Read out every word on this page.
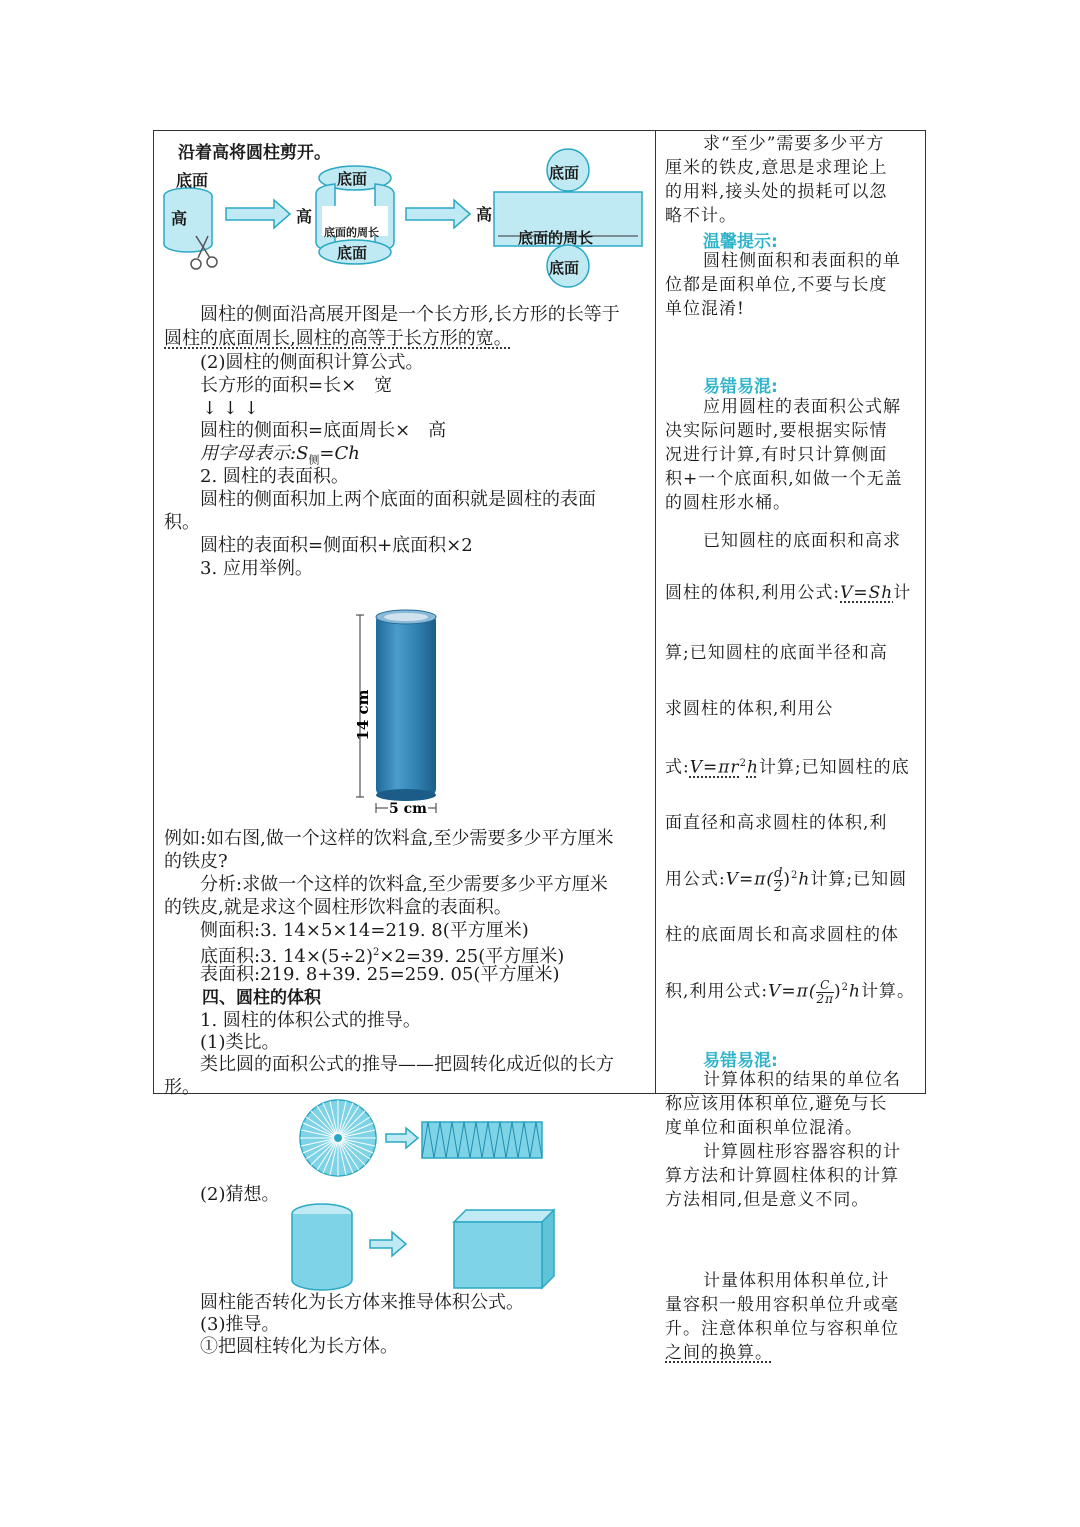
沿着高将圆柱剪开。
底面
高
底面
高
底面的周长
底面
高
底面
底面的周长
底面
圆柱的侧面沿高展开图是一个长方形,长方形的长等于
圆柱的底面周长,圆柱的高等于长方形的宽。
(2)圆柱的侧面积计算公式。
长方形的面积=长×　宽
↓ ↓ ↓
圆柱的侧面积=底面周长×　高
用字母表示$:S_侧=Ch$
2. 圆柱的表面积。
圆柱的侧面积加上两个底面的面积就是圆柱的表面
积。
圆柱的表面积=侧面积+底面积×2
3. 应用举例。
14 cm
5 cm
例如:如右图,做一个这样的饮料盒,至少需要多少平方厘米
的铁皮?
分析:求做一个这样的饮料盒,至少需要多少平方厘米
的铁皮,就是求这个圆柱形饮料盒的表面积。
侧面积:3. 14×5×14=219. 8(平方厘米)
底面积:3. $14\times(5\div 2)^2\times 2=39$. 25(平方厘米)
表面积:219. 8+39. 25=259. 05(平方厘米)
四、圆柱的体积
1. 圆柱的体积公式的推导。
(1)类比。
类比圆的面积公式的推导——把圆转化成近似的长方
形。
(2)猜想。
圆柱能否转化为长方体来推导体积公式。
(3)推导。
①把圆柱转化为长方体。
求“至少”需要多少平方
厘米的铁皮,意思是求理论上
的用料,接头处的损耗可以忽
略不计。
温馨提示:
圆柱侧面积和表面积的单
位都是面积单位,不要与长度
单位混淆!
易错易混:
应用圆柱的表面积公式解
决实际问题时,要根据实际情
况进行计算,有时只计算侧面
积+一个底面积,如做一个无盖
的圆柱形水桶。
已知圆柱的底面积和高求
圆柱的体积,利用公式:V=Sh计
算;已知圆柱的底面半径和高
求圆柱的体积,利用公
式$:V=\pi r^2h$计算;已知圆柱的底
面直径和高求圆柱的体积,利
用公式:V=π( $\frac{d}{2} )^2h$计算;已知圆
柱的底面周长和高求圆柱的体
积,利用公式:V=π( $\frac{C}{2\pi} )^2h$计算。
易错易混:
计算体积的结果的单位名
称应该用体积单位,避免与长
度单位和面积单位混淆。
计算圆柱形容器容积的计
算方法和计算圆柱体积的计算
方法相同,但是意义不同。
计量体积用体积单位,计
量容积一般用容积单位升或毫
升。注意体积单位与容积单位
之间的换算。
